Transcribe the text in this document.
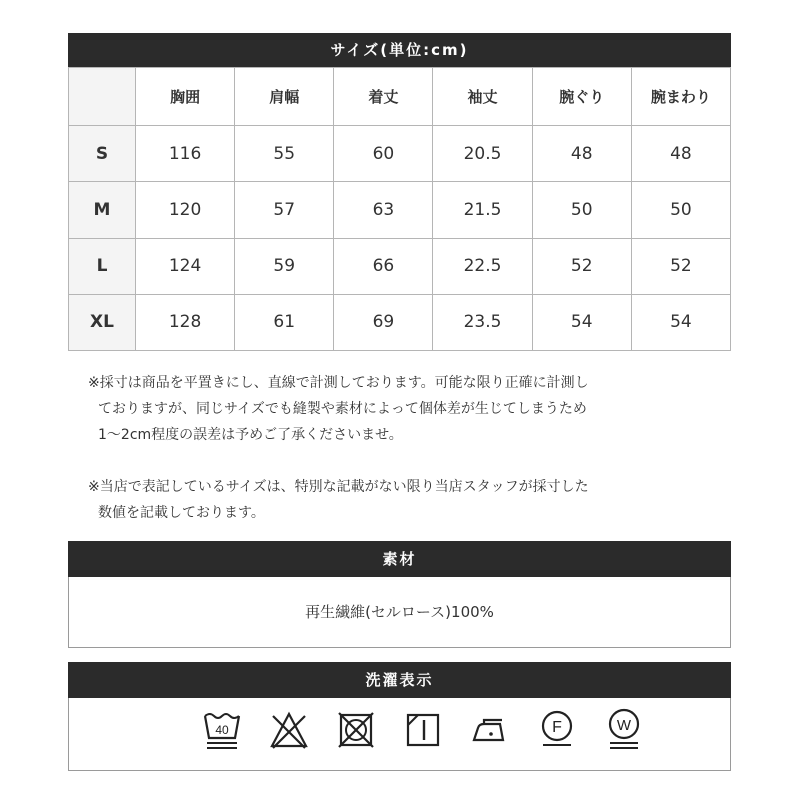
サイズ(単位:cm)
	胸囲	肩幅	着丈	袖丈	腕ぐり	腕まわり
S	116	55	60	20.5	48	48
M	120	57	63	21.5	50	50
L	124	59	66	22.5	52	52
XL	128	61	69	23.5	54	54

※採寸は商品を平置きにし、直線で計測しております。可能な限り正確に計測し

ておりますが、同じサイズでも縫製や素材によって個体差が生じてしまうため

1～2cm程度の誤差は予めご了承くださいませ。

※当店で表記しているサイズは、特別な記載がない限り当店スタッフが採寸した

数値を記載しております。

素材
再生繊維(セルロース)100%
洗濯表示
40	F	W
